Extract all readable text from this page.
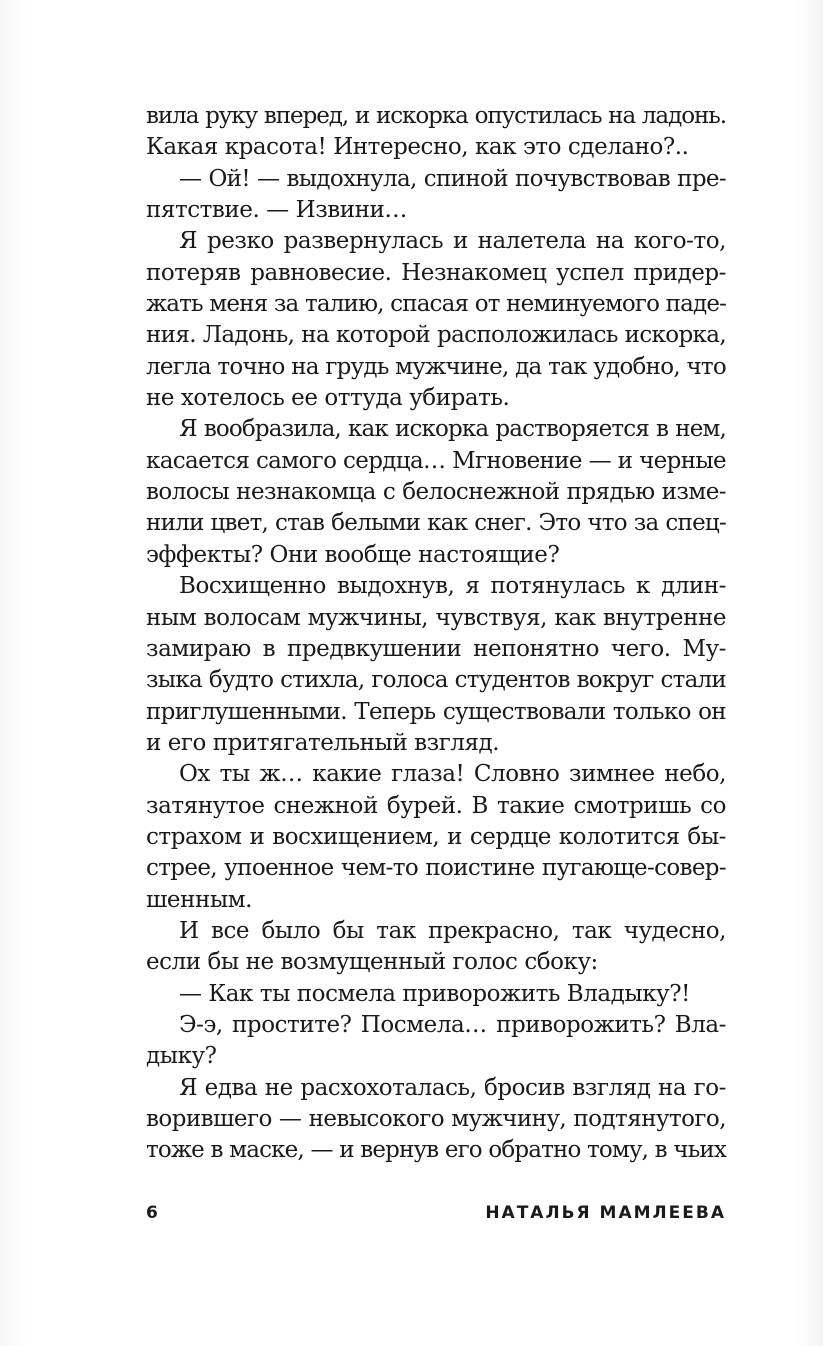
вила руку вперед, и искорка опустилась на ладонь.
Какая красота! Интересно, как это сделано?..
— Ой! — выдохнула, спиной почувствовав пре-
пятствие. — Извини…
Я резко развернулась и налетела на кого-то,
потеряв равновесие. Незнакомец успел придер-
жать меня за талию, спасая от неминуемого паде-
ния. Ладонь, на которой расположилась искорка,
легла точно на грудь мужчине, да так удобно, что
не хотелось ее оттуда убирать.
Я вообразила, как искорка растворяется в нем,
касается самого сердца… Мгновение — и черные
волосы незнакомца с белоснежной прядью изме-
нили цвет, став белыми как снег. Это что за спец-
эффекты? Они вообще настоящие?
Восхищенно выдохнув, я потянулась к длин-
ным волосам мужчины, чувствуя, как внутренне
замираю в предвкушении непонятно чего. Му-
зыка будто стихла, голоса студентов вокруг стали
приглушенными. Теперь существовали только он
и его притягательный взгляд.
Ох ты ж… какие глаза! Словно зимнее небо,
затянутое снежной бурей. В такие смотришь со
страхом и восхищением, и сердце колотится бы-
стрее, упоенное чем-то поистине пугающе-совер-
шенным.
И все было бы так прекрасно, так чудесно,
если бы не возмущенный голос сбоку:
— Как ты посмела приворожить Владыку?!
Э-э, простите? Посмела… приворожить? Вла-
дыку?
Я едва не расхохоталась, бросив взгляд на го-
ворившего — невысокого мужчину, подтянутого,
тоже в маске, — и вернув его обратно тому, в чьих
6	НАТАЛЬЯ МАМЛЕЕВА
